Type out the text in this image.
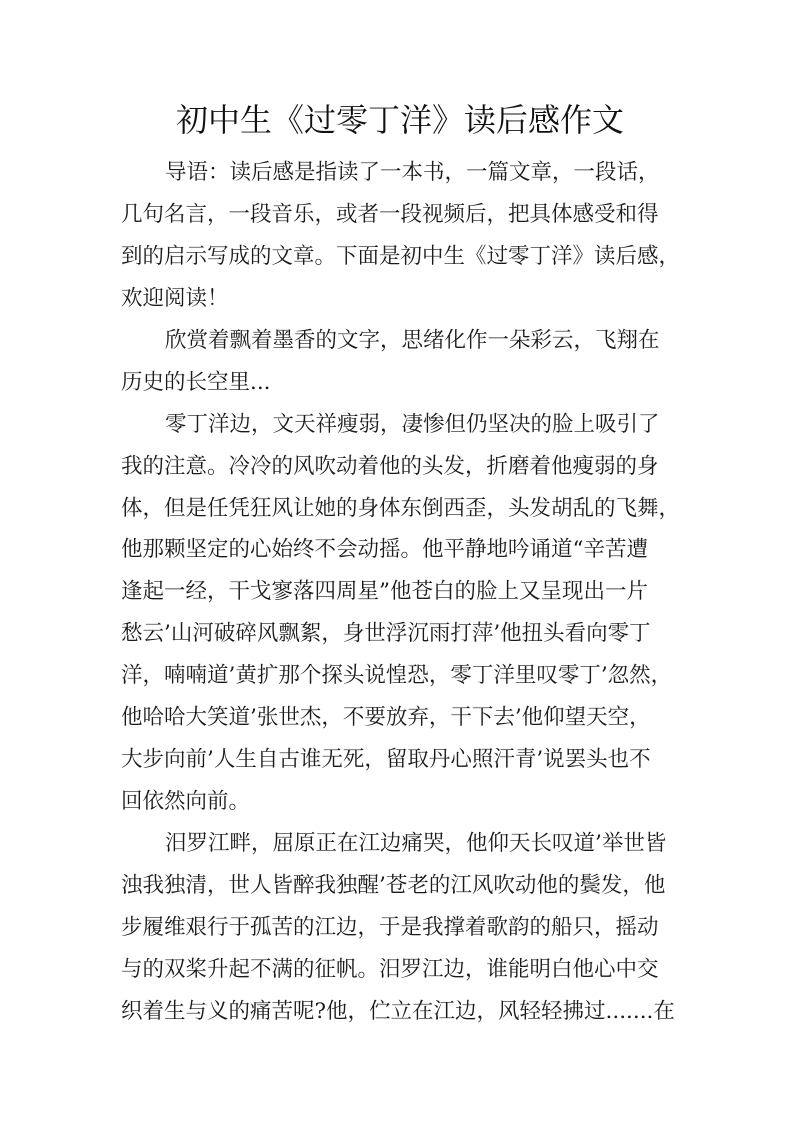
初中生《过零丁洋》读后感作文
导语：读后感是指读了一本书，一篇文章，一段话，
几句名言，一段音乐，或者一段视频后，把具体感受和得
到的启示写成的文章。下面是初中生《过零丁洋》读后感，
欢迎阅读！
欣赏着飘着墨香的文字，思绪化作一朵彩云，飞翔在
历史的长空里...
零丁洋边，文天祥瘦弱，凄惨但仍坚决的脸上吸引了
我的注意。冷冷的风吹动着他的头发，折磨着他瘦弱的身
体，但是任凭狂风让她的身体东倒西歪，头发胡乱的飞舞，
他那颗坚定的心始终不会动摇。他平静地吟诵道“辛苦遭
逢起一经，干戈寥落四周星”他苍白的脸上又呈现出一片
愁云’山河破碎风飘絮，身世浮沉雨打萍’他扭头看向零丁
洋，喃喃道’黄扩那个探头说惶恐，零丁洋里叹零丁’忽然，
他哈哈大笑道’张世杰，不要放弃，干下去’他仰望天空，
大步向前’人生自古谁无死，留取丹心照汗青’说罢头也不
回依然向前。
汨罗江畔，屈原正在江边痛哭，他仰天长叹道’举世皆
浊我独清，世人皆醉我独醒’苍老的江风吹动他的鬓发，他
步履维艰行于孤苦的江边，于是我撑着歌韵的船只，摇动
与的双桨升起不满的征帆。汨罗江边，谁能明白他心中交
织着生与义的痛苦呢?他，伫立在江边，风轻轻拂过.......在
